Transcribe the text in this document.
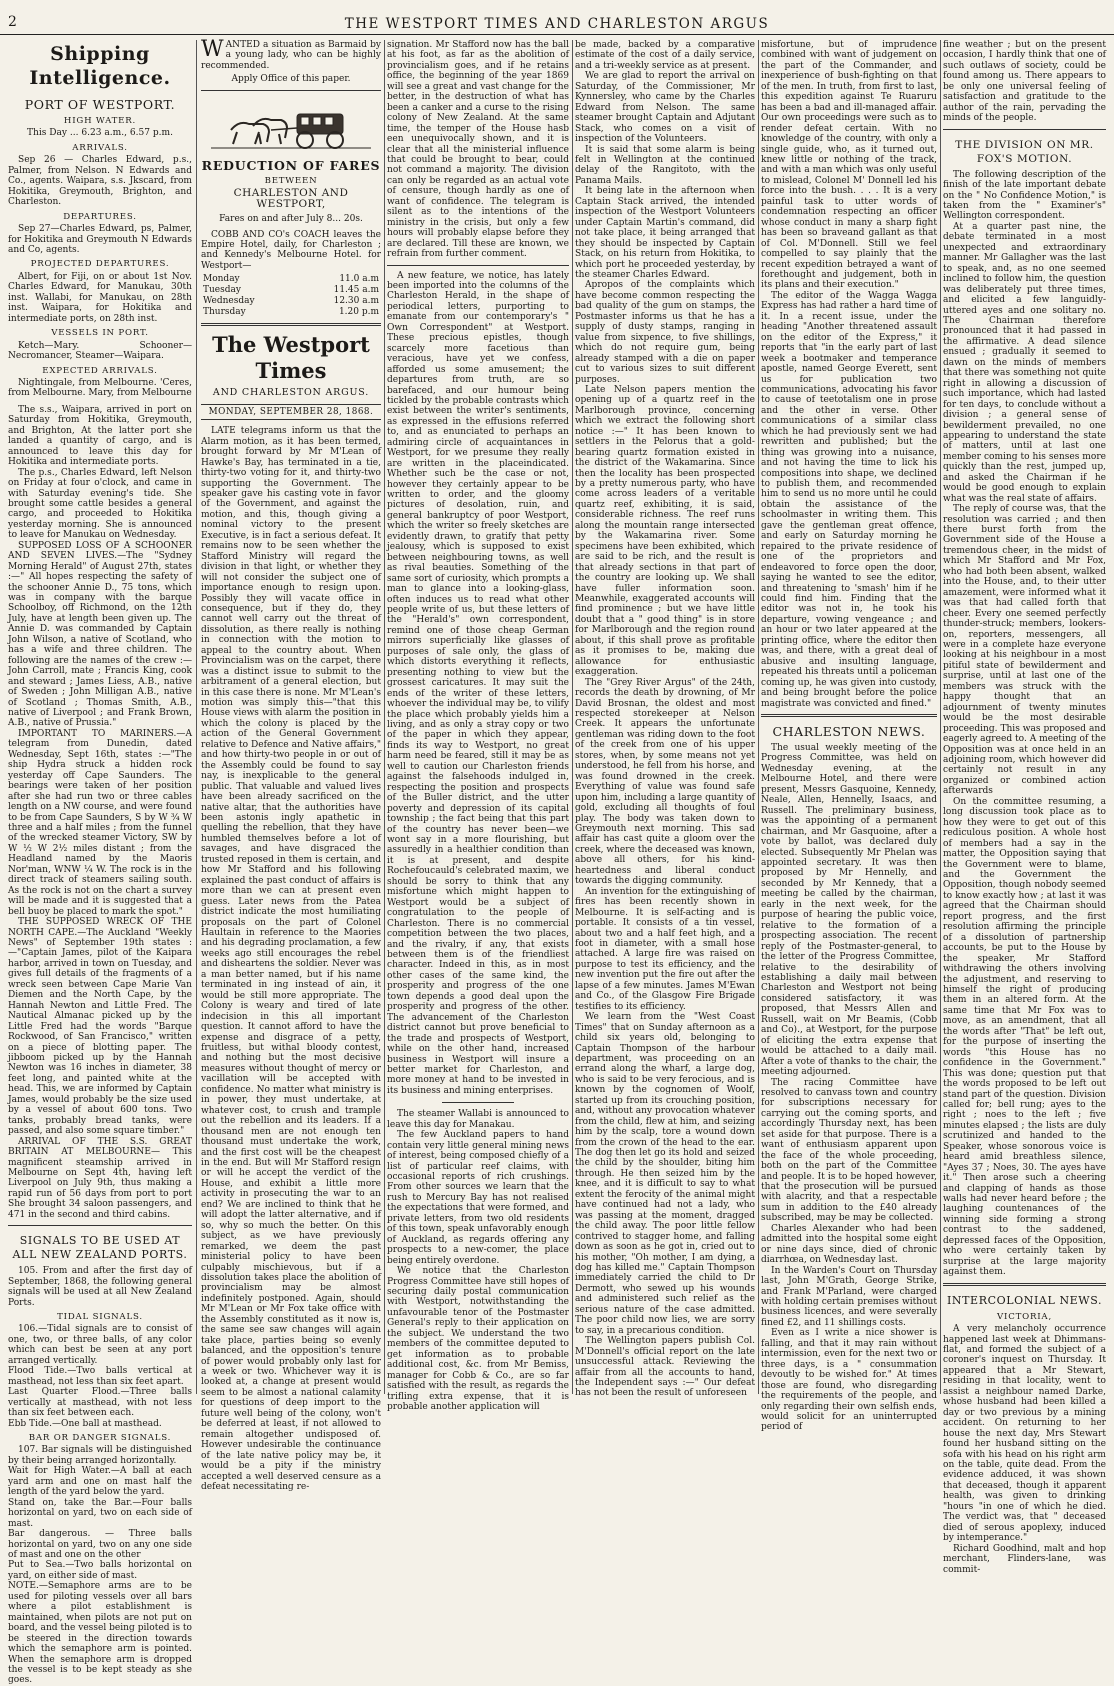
2	THE WESTPORT TIMES AND CHARLESTON ARGUS
Shipping Intelligence.
PORT OF WESTPORT.
HIGH WATER.

This Day ... 6.23 a.m., 6.57 p.m.

ARRIVALS.

Sep 26 — Charles Edward, p.s., Palmer, from Nelson. N Edwards and Co., agents. Waipara, s.s. Jkscard, from Hokitika, Greymouth, Brighton, and Charleston.

DEPARTURES.

Sep 27—Charles Edward, ps, Palmer, for Hokitika and Greymouth N Edwards and Co, agents.

PROJECTED DEPARTURES.

Albert, for Fiji, on or about 1st Nov. Charles Edward, for Manukau, 30th inst. Wallabi, for Manukau, on 28th inst. Waipara, for Hokitika and intermediate ports, on 28th inst.

VESSELS IN PORT.

Ketch—Mary. Schooner—Necromancer, Steamer—Waipara.

EXPECTED ARRIVALS.

Nightingale, from Melbourne. 'Ceres, from Melbourne. Mary, from Melbourne

The s.s., Waipara, arrived in port on Saturday from Hokitika, Greymouth, and Brighton, At the latter port she landed a quantity of cargo, and is announced to leave this day for Hokitika and intermediate ports.

The p.s., Charles Edward, left Nelson on Friday at four o'clock, and came in with Saturday evening's tide. She brought some cattle besides a general cargo, and proceeded to Hokitika yesterday morning. She is announced to leave for Manukau on Wednesday.

SUPPOSED LOSS OF A SCHOONER AND SEVEN LIVES.—The "Sydney Morning Herald" of August 27th, states :—" All hopes respecting the safety of the schooner Annie D., 75 tons, which was in company with the barque Schoolboy, off Richmond, on the 12th July, have at length been given up. The Annie D. was commanded by Captain John Wilson, a native of Scotland, who has a wife and three children. The following are the names of the crew :—John Carroll, mate ; Francis King, cook and steward ; James Liess, A.B., native of Sweden ; John Milligan A.B., native of Scotland ; Thomas Smith, A.B., native of Liverpool ; and Frank Brown, A.B., native of Prussia."

IMPORTANT TO MARINERS.—A telegram from Dunedin, dated Wednesday, Sept 16th, states :—"The ship Hydra struck a hidden rock yesterday off Cape Saunders. The bearings were taken of her position after she had run two or three cables length on a NW course, and were found to be from Cape Saunders, S by W ¾ W three and a half miles ; from the funnel of the wrecked steamer Victory, SW by W ½ W 2½ miles distant ; from the Headland named by the Maoris Nor'man, WNW ¼ W. The rock is in the direct track of steamers sailing south. As the rock is not on the chart a survey will be made and it is suggested that a bell buoy be placed to mark the spot."

THE SUPPOSED WRECK OF THE NORTH CAPE.—The Auckland "Weekly News" of September 19th states :—"Captain James, pilot of the Kaipara harbor, arrived in town on Tuesday, and gives full details of the fragments of a wreck seen between Cape Marie Van Diemen and the North Cape, by the Hannah Newton and Little Fred. The Nautical Almanac picked up by the Little Fred had the words "Barque Rockwood, of San Francisco," written on a piece of blotting paper. The jibboom picked up by the Hannah Newton was 16 inches in diameter, 38 feet long, and painted white at the head. This, we are informed by Captain James, would probably be the size used by a vessel of about 600 tons. Two tanks, probably bread tanks, were passed, and also some square timber."

ARRIVAL OF THE S.S. GREAT BRITAIN AT MELBOURNE— This magnificent steamship arrived in Melbourne on Sept 4th, having left Liverpool on July 9th, thus making a rapid run of 56 days from port to port She brought 34 saloon passengers, and 471 in the second and third cabins.

SIGNALS TO BE USED AT ALL NEW ZEALAND PORTS.

105. From and after the first day of September, 1868, the following general signals will be used at all New Zealand Ports.

TIDAL SIGNALS.

106.—Tidal signals are to consist of one, two, or three balls, of any color which can best be seen at any port arranged vertically.

Flood Tide.—Two balls vertical at masthead, not less than six feet apart.

Last Quarter Flood.—Three balls vertically at masthead, with not less than six feet between each.

Ebb Tide.—One ball at masthead.

BAR OR DANGER SIGNALS.

107. Bar signals will be distinguished by their being arranged horizontally.

Wait for High Water.—A ball at each yard arm and one on mast half the length of the yard below the yard.

Stand on, take the Bar.—Four balls horizontal on yard, two on each side of mast.

Bar dangerous. — Three balls horizontal on yard, two on any one side of mast and one on the other

Put to Sea.—Two balls horizontal on yard, on either side of mast.

NOTE.—Semaphore arms are to be used for piloting vessels over all bars where a pilot establishment is maintained, when pilots are not put on board, and the vessel being piloted is to be steered in the direction towards which the semaphore arm is pointed. When the semaphore arm is dropped the vessel is to be kept steady as she goes.

WANTED a situation as Barmaid by a young lady, who can be highly recommended.

Apply Office of this paper.

REDUCTION OF FARES
BETWEEN
CHARLESTON AND WESTPORT,

Fares on and after July 8... 20s.

COBB AND CO's COACH leaves the Empire Hotel, daily, for Charleston ; and Kennedy's Melbourne Hotel. for Westport—

Monday	11.0 a.m
Tuesday	11.45 a.m
Wednesday	12.30 a.m
Thursday	1.20 p.m
The Westport Times
AND CHARLESTON ARGUS.
MONDAY, SEPTEMBER 28, 1868.

LATE telegrams inform us that the Alarm motion, as it has been termed, brought forward by Mr M'Lean of Hawke's Bay, has terminated in a tie, thirty-two voting for it, and thirty-two supporting the Government. The speaker gave his casting vote in favor of the Government, and against the motion, and this, though giving a nominal victory to the present Executive, is in fact a serious defeat. It remains now to be seen whether the Stafford Ministry will regard the division in that light, or whether they will not consider the subject one of importance enough to resign upon. Possibly they will vacate office in consequence, but if they do, they cannot well carry out the threat of dissolution, as there really is nothing in connection with the motion to appeal to the country about. When Provincialism was on the carpet, there was a distinct issue to submit to the arbitrament of a general election, but in this case there is none. Mr M'Lean's motion was simply this—"that this House views with alarm the position in which the colony is placed by the action of the General Government relative to Defence and Native affairs," and how thirty-two people in or out of the Assembly could be found to say nay, is inexplicable to the general public. That valuable and valued lives have been already sacrificed on the native altar, that the authorities have been astonis ingly apathetic in quelling the rebellion, that they have humbled themselves before a lot of savages, and have disgraced the trusted reposed in them is certain, and how Mr Stafford and his following explained the past conduct of affairs is more than we can at present even guess. Later news from the Patea district indicate the most humiliating proposals on the part of Colonel Haultain in reference to the Maories and his degrading proclamation, a few weeks ago still encourages the rebel and disheartens the soldier. Never was a man better named, but if his name terminated in ing instead of ain, it would be still more appropriate. The Colony is weary and tired of late indecision in this all important question. It cannot afford to have the expense and disgrace of a petty, fruitless, but withal bloody contest, and nothing but the most decisive measures without thought of mercy or vacillation will be accepted with confidence. No matter what ministry is in power, they must undertake, at whatever cost, to crush and trample out the rebellion and its leaders. If a thousand men are not enough ten thousand must undertake the work, and the first cost will be the cheapest in the end. But will Mr Stafford resign or will he accept the verdict of the House, and exhibit a little more activity in prosecuting the war to an end? We are inclined to think that he will adopt the latter alternative, and if so, why so much the better. On this subject, as we have previously remarked, we deem the past ministerial policy to have been culpably mischievous, but if a dissolution takes place the abolition of provincialism may be almost indefinitely postponed. Again, should Mr M'Lean or Mr Fox take office with the Assembly constituted as it now is, the same see saw changes will again take place, parties being so evenly balanced, and the opposition's tenure of power would probably only last for a week or two. Whichever way it is looked at, a change at present would seem to be almost a national calamity for questions of deep import to the future well being of the colony, won't be deferred at least, if not allowed to remain altogether undisposed of. However undesirable the continuance of the late native policy may be, it would be a pity if the ministry accepted a well deserved censure as a defeat necessitating re-

signation. Mr Stafford now has the ball at his foot, as far as the abolition of provincialism goes, and if he retains office, the beginning of the year 1869 will see a great and vast change for the better, in the destruction of what has been a canker and a curse to the rising colony of New Zealand. At the same time, the temper of the House hasb een unequivocally shown, and it is clear that all the ministerial influence that could be brought to bear, could not command a majority. The division can only be regarded as an actual vote of censure, though hardly as one of want of confidence. The telegram is silent as to the intentions of the ministry in the crisis, but only a few hours will probably elapse before they are declared. Till these are known, we refrain from further comment.

A new feature, we notice, has lately been imported into the columns of the Charleston Herald, in the shape of periodical letters, purporting to emanate from our contemporary's " Own Correspondent" at Westport. These precious epistles, though scarcely more facetious than veracious, have yet we confess, afforded us some amusement; the departures from truth, are so barefaced, and our humour being tickled by the probable contrasts which exist between the writer's sentiments, as expressed in the effusions referred to, and as enunciated to perhaps an admiring circle of acquaintances in Westport, for we presume they really are written in the placeindicated. Whether such be the case or not, however they certainly appear to be written to order, and the gloomy pictures of desolation, ruin, and general bankruptcy of poor Westport, which the writer so freely sketches are evidently drawn, to gratify that petty jealousy, which is supposed to exist between neighbouring towns, as well as rival beauties. Something of the same sort of curiosity, which prompts a man to glance into a looking-glass, often induces us to read what other people write of us, but these letters of the "Herald's" own correspondent, remind one of those cheap German mirrors superficially like glasses of purposes of sale only, the glass of which distorts everything it reflects, presenting nothing to view but the grossest caricatures. It may suit the ends of the writer of these letters, whoever the individual may be, to vilify the place which probably yields him a living, and as only a stray copy or two of the paper in which they appear, finds its way to Westport, no great harm need be feared, still it may be as well to caution our Charleston friends against the falsehoods indulged in, respecting the position and prospects of the Buller district, and the utter poverty and depression of its capital township ; the fact being that this part of the country has never been—we wont say in a more flourishing, but assuredly in a healthier condition than it is at present, and despite Rochefoucauld's celebrated maxim, we should be sorry to think that any misfortune which might happen to Westport would be a subject of congratulation to the people of Charleston. There is no commercial competition between the two places, and the rivalry, if any, that exists between them is of the friendliest character. Indeed in this, as in most other cases of the same kind, the prosperity and progress of the one town depends a good deal upon the prosperity and progress of the other. The advancement of the Charleston district cannot but prove beneficial to the trade and prospects of Westport, while on the other hand, increased business in Westport will insure a better market for Charleston, and more money at hand to be invested in its business and mining enterprises.

The steamer Wallabi is announced to leave this day for Manakau.

The few Auckland papers to hand contain very little general mining news of interest, being composed chiefly of a list of particular reef claims, with occasional reports of rich crushings. From other sources we learn that the rush to Mercury Bay has not realised the expectations that were formed, and private letters, from two old residents of this town, speak unfavorably enough of Auckland, as regards offering any prospects to a new-comer, the place being entirely overdone.

We notice that the Charleston Progress Committee have still hopes of securing daily postal communication with Westport, notwithstanding the unfavourable tenor of the Postmaster General's reply to their application on the subject. We understand the two members of the committee deputed to get information as to probable additional cost, &c. from Mr Bemiss, manager for Cobb & Co., are so far satisfied with the result, as regards the trifling extra expense, that it is probable another application will

be made, backed by a comparative estimate of the cost of a daily service, and a tri-weekly service as at present.

We are glad to report the arrival on Saturday, of the Commissioner, Mr Kynnersley, who came by the Charles Edward from Nelson. The same steamer brought Captain and Adjutant Stack, who comes on a visit of inspection of the Volunteers.

It is said that some alarm is being felt in Wellington at the continued delay of the Rangitoto, with the Panama Mails.

It being late in the afternoon when Captain Stack arrived, the intended inspection of the Westport Volunteers under Captain Martin's command, did not take place, it being arranged that they should be inspected by Captain Stack, on his return from Hokitika, to which port he proceeded yesterday, by the steamer Charles Edward.

Apropos of the complaints which have become common respecting the bad quality of the gum on stamps, the Postmaster informs us that he has a supply of dusty stamps, ranging in value from sixpence, to five shillings, which do not require gum, being already stamped with a die on paper cut to various sizes to suit different purposes.

Late Nelson papers mention the opening up of a quartz reef in the Marlborough province, concerning which we extract the following short notice :—" It has been known to settlers in the Pelorus that a gold-bearing quartz formation existed in the district of the Wakamarina. Since then the locality has been prospected by a pretty numerous party, who have come across leaders of a veritable quartz reef, exhibiting, it is said, considerable richness. The reef runs along the mountain range intersected by the Wakamarina river. Some specimens have been exhibited, which are said to be rich, and the result is that already sections in that part of the country are looking up. We shall have fuller information soon. Meanwhile, exaggerated accounts will find prominence ; but we have little doubt that a " good thing" is in store for Marlborough and the region round about, if this shall prove as profitable as it promises to be, making due allowance for enthusiastic exaggeration.

The "Grey River Argus" of the 24th, records the death by drowning, of Mr David Brosnan, the oldest and most respected storekeeper at Nelson Creek. It appears the unfortunate gentleman was riding down to the foot of the creek from one of his upper stores, when, by some means not yet understood, he fell from his horse, and was found drowned in the creek. Everything of value was found safe upon him, including a large quantity of gold, excluding all thoughts of foul play. The body was taken down to Greymouth next morning. This sad affair has cast quite a gloom over the creek, where the deceased was known, above all others, for his kind-heartedness and liberal conduct towards the digging community.

An invention for the extinguishing of fires has been recently shown in Melbourne. It is self-acting and is portable. It consists of a tin vessel, about two and a half feet high, and a foot in diameter, with a small hose attached. A large fire was raised on purpose to test its efficiency, and the new invention put the fire out after the lapse of a few minutes. James M'Ewan and Co., of the Glasgow Fire Brigade testifies to its efficiency.

We learn from the "West Coast Times" that on Sunday afternoon as a child six years old, belonging to Captain Thompson of the harbour department, was proceeding on an errand along the wharf, a large dog, who is said to be very ferocious, and is known by the cognomen of Woolf, started up from its crouching position, and, without any provocation whatever from the child, flew at him, and seizing him by the scalp, tore a wound down from the crown of the head to the ear. The dog then let go its hold and seized the child by the shoulder, biting him through. He then seized him by the knee, and it is difficult to say to what extent the ferocity of the animal might have continued had not a lady, who was passing at the moment, dragged the child away. The poor little fellow contrived to stagger home, and falling down as soon as he got in, cried out to his mother, "Oh mother, I am dying, a dog has killed me." Captain Thompson immediately carried the child to Dr Dermott, who sewed up his wounds and administered such relief as the serious nature of the case admitted. The poor child now lies, we are sorry to say, in a precarious condition.

The Wellington papers publish Col. M'Donnell's official report on the late unsuccessful attack. Reviewing the affair from all the accounts to hand, the Independent says :—" Our defeat has not been the result of unforeseen

misfortune, but of imprudence combined with want of judgement on the part of the Commander, and inexperience of bush-fighting on that of the men. In truth, from first to last, this expedition against Te Ruaruru has been a bad and ill-managed affair. Our own proceedings were such as to render defeat certain. With no knowledge of the country, with only a single guide, who, as it turned out, knew little or nothing of the track, and with a man which was only useful to mislead, Colonel M' Donnell led his force into the bush. . . . It is a very painful task to utter words of condemnation respecting an officer whose conduct in many a sharp fight has been so braveand gallant as that of Col. M'Donnell. Still we feel compelled to say plainly that the recent expedition betrayed a want of forethought and judgement, both in its plans and their execution."

The editor of the Wagga Wagga Express has had rather a hard time of it. In a recent issue, under the heading "Another threatened assault on the editor of the Express," it reports that "in the early part of last week a bootmaker and temperance apostle, named George Everett, sent us for publication two communications, advocating his favor to cause of teetotalism one in prose and the other in verse. Other communications of a similar class which he had previously sent we had rewritten and published; but the thing was growing into a nuisance, and not having the time to lick his compositions into shape, we declined to publish them, and recommended him to send us no more until he could obtain the assistance of the schoolmaster in writing them. This gave the gentleman great offence, and early on Saturday morning he repaired to the private residence of one of the proprietors and endeavored to force open the door, saying he wanted to see the editor, and threatening to 'smash' him if he could find him. Finding that the editor was not in, he took his departure, vowing vengeance ; and an hour or two later appeared at the printing office, where the editor then was, and there, with a great deal of abusive and insulting language, repeated his threats until a policeman coming up, he was given into custody, and being brought before the police magistrate was convicted and fined."

CHARLESTON NEWS.

The usual weekly meeting of the Progress Committee, was held on Wednesday evening, at the Melbourne Hotel, and there were present, Messrs Gasquoine, Kennedy, Neale, Allen, Hennelly, Isaacs, and Russell. The preliminary business, was the appointing of a permanent chairman, and Mr Gasquoine, after a vote by ballot, was declared duly elected. Subsequently Mr Phelan was appointed secretary. It was then proposed by Mr Hennelly, and seconded by Mr Kennedy, that a meeting be called by the chairman, early in the next week, for the purpose of hearing the public voice, relative to the formation of a prospecting association. The recent reply of the Postmaster-general, to the letter of the Progress Committee, relative to the desirability of establishing a daily mail between Charleston and Westport not being considered satisfactory, it was proposed, that Messrs Allen and Russell, wait on Mr Beamis, (Cobb and Co)., at Westport, for the purpose of eliciting the extra expense that would be attached to a daily mail. After a vote of thanks to the chair, the meeting adjourned.

The racing Committee have resolved to canvass town and country for subscriptions necessary for carrying out the coming sports, and accordingly Thursday next, has been set aside for that purpose. There is a want of enthusiasm apparent upon the face of the whole proceeding, both on the part of the Committee and people. It is to be hoped however, that the prosecution will be pursued with alacrity, and that a respectable sum in addition to the £40 already subscribed, may be may be collected.

Charles Alexander who had been admitted into the hospital some eight or nine days since, died of chronic diarrhœa, on Wednesday last.

In the Warden's Court on Thursday last, John M'Grath, George Strike, and Frank M'Parland, were charged with holding certain premises without business licences, and were severally fined £2, and 11 shillings costs.

Even as I write a nice shower is falling, and that it may rain without intermission, even for the next two or three days, is a " consummation devoutly to be wished for." At times those are found, who disregarding the requirements of the people, and only regarding their own selfish ends, would solicit for an uninterrupted period of

fine weather ; but on the present occasion, I hardly think that one of such outlaws of society, could be found among us. There appears to be only one universal feeling of satisfaction and gratitude to the author of the rain, pervading the minds of the people.

THE DIVISION ON MR. FOX'S MOTION.

The following description of the finish of the late important debate on the " No Confidence Motion," is taken from the " Examiner's" Wellington correspondent.

At a quarter past nine, the debate terminated in a most unexpected and extraordinary manner. Mr Gallagher was the last to speak, and, as no one seemed inclined to follow him, the question was deliberately put three times, and elicited a few languidly-uttered ayes and one solitary no. The Chairman therefore pronounced that it had passed in the affirmative. A dead silence ensued ; gradually it seemed to dawn on the minds of members that there was something not quite right in allowing a discussion of such importance, which had lasted for ten days, to conclude without a division ; a general sense of bewilderment prevailed, no one appearing to understand the state of matters, until at last one member coming to his senses more quickly than the rest, jumped up, and asked the Chairman if he would be good enough to explain what was the real state of affairs.

The reply of course was, that the resolution was carried ; and then there burst forth from the Government side of the House a tremendous cheer, in the midst of which Mr Stafford and Mr Fox, who had both been absent, walked into the House, and, to their utter amazement, were informed what it was that had called forth that cheer. Every one seemed perfectly thunder-struck; members, lookers-on, reporters, messengers, all were in a complete haze everyone looking at his neighbour in a most pitiful state of bewilderment and surprise, until at last one of the members was struck with the happy thought that an adjournment of twenty minutes would be the most desirable proceeding. This was proposed and eagerly agreed to. A meeting of the Opposition was at once held in an adjoining room, which however did certainly not result in any organized or combined action afterwards

On the committee resuming, a long discussion took place as to how they were to get out of this rediculous position. A whole host of members had a say in the matter, the Opposition saying that the Government were to blame, and the Government the Opposition, though nobody seemed to know exactly how ; at last it was agreed that the Chairman should report progress, and the first resolution affirming the principle of a dissolution of partnership accounts, be put to the House by the speaker, Mr Stafford withdrawing the others involving the adjustment, and reserving to himself the right of producing them in an altered form. At the same time that Mr Fox was to move, as an amendment, that all the words after "That" be left out, for the purpose of inserting the words "this House has no confidence in the Government." This was done; question put that the words proposed to be left out stand part of the question. Division called for; bell rung; ayes to the right ; noes to the left ; five minutes elapsed ; the lists are duly scrutinized and handed to the Speaker, whose sonorous voice is heard amid breathless silence, "Ayes 37 ; Noes, 30. The ayes have it." Then arose such a cheering and clapping of hands as those walls had never heard before ; the laughing countenances of the winning side forming a strong contrast to the saddened, depressed faces of the Opposition, who were certainly taken by surprise at the large majority against them.

INTERCOLONIAL NEWS.
VICTORIA,

A very melancholy occurrence happened last week at Dhimmans-flat, and formed the subject of a coroner's inquest on Thursday. It appeared that a Mr Stewart, residing in that locality, went to assist a neighbour named Darke, whose husband had been killed a day or two previous by a mining accident. On returning to her house the next day, Mrs Stewart found her husband sitting on the sofa with his head on his right arm on the table, quite dead. From the evidence adduced, it was shown that deceased, though it apparent health, was given to drinking "hours "in one of which he died. The verdict was, that " deceased died of serous apoplexy, induced by intemperance."

Richard Goodhind, malt and hop merchant, Flinders-lane, was commit-
